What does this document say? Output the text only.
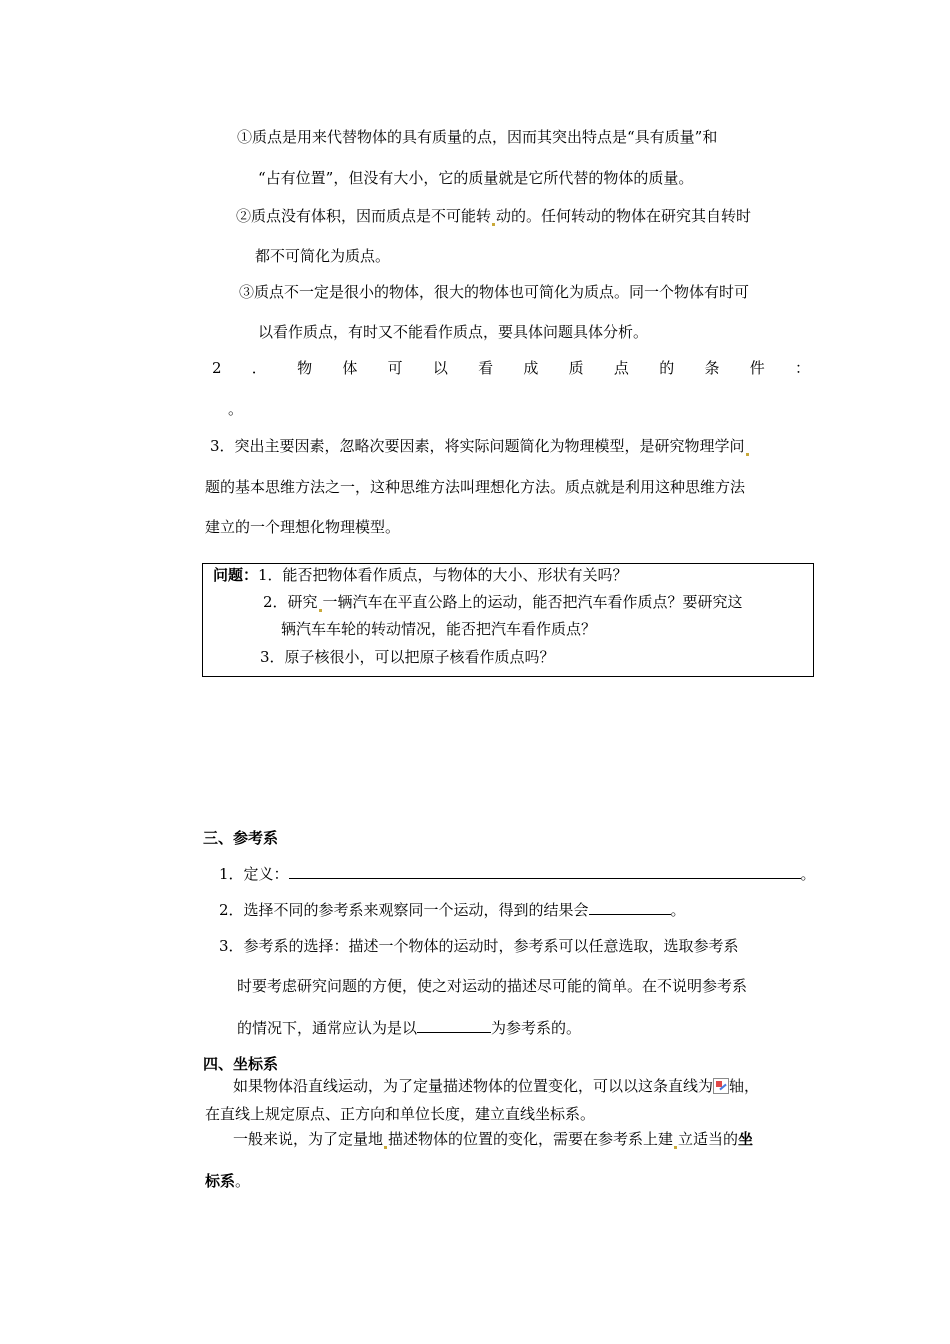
①质点是用来代替物体的具有质量的点，因而其突出特点是“具有质量”和
“占有位置”，但没有大小，它的质量就是它所代替的物体的质量。
②质点没有体积，因而质点是不可能转 动的。任何转动的物体在研究其自转时
都不可简化为质点。
③质点不一定是很小的物体，很大的物体也可简化为质点。同一个物体有时可
以看作质点，有时又不能看作质点，要具体问题具体分析。
2 ． 物 体 可 以 看 成 质 点 的 条 件 ：
。
3．突出主要因素，忽略次要因素，将实际问题简化为物理模型，是研究物理学问
题的基本思维方法之一，这种思维方法叫理想化方法。质点就是利用这种思维方法
建立的一个理想化物理模型。
问题：1．能否把物体看作质点，与物体的大小、形状有关吗？
2．研究 一辆汽车在平直公路上的运动，能否把汽车看作质点？要研究这
辆汽车车轮的转动情况，能否把汽车看作质点？
3．原子核很小，可以把原子核看作质点吗？
三、参考系
1．定义：	。
2．选择不同的参考系来观察同一个运动，得到的结果会	。
3．参考系的选择：描述一个物体的运动时，参考系可以任意选取，选取参考系
时要考虑研究问题的方便，使之对运动的描述尽可能的简单。在不说明参考系
的情况下，通常应认为是以	为参考系的。
四、坐标系
如果物体沿直线运动，为了定量描述物体的位置变化，可以以这条直线为 轴，
在直线上规定原点、正方向和单位长度，建立直线坐标系。
一般来说，为了定量地 描述物体的位置的变化，需要在参考系上建 立适当的坐
标系。
